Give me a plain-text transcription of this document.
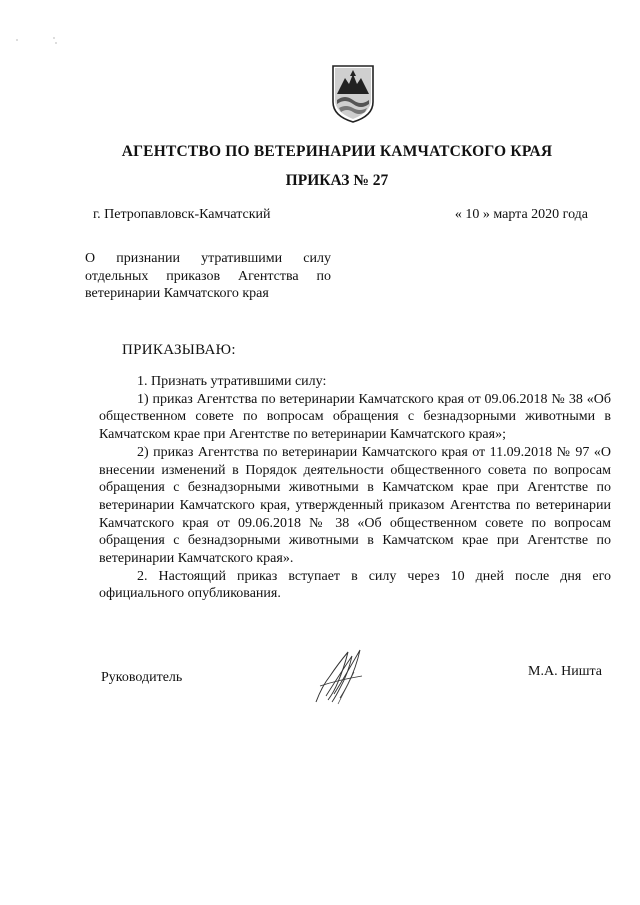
АГЕНТСТВО ПО ВЕТЕРИНАРИИ КАМЧАТСКОГО КРАЯ
ПРИКАЗ № 27
г. Петропавловск-Камчатский	« 10 » марта 2020 года
О признании утратившими силу отдельных приказов Агентства по ветеринарии Камчатского края
ПРИКАЗЫВАЮ:

1. Признать утратившими силу:

1) приказ Агентства по ветеринарии Камчатского края от 09.06.2018 № 38 «Об общественном совете по вопросам обращения с безнадзорными животными в Камчатском крае при Агентстве по ветеринарии Камчатского края»;

2) приказ Агентства по ветеринарии Камчатского края от 11.09.2018 № 97 «О внесении изменений в Порядок деятельности общественного совета по вопросам обращения с безнадзорными животными в Камчатском крае при Агентстве по ветеринарии Камчатского края, утвержденный приказом Агентства по ветеринарии Камчатского края от 09.06.2018 № 38 «Об общественном совете по вопросам обращения с безнадзорными животными в Камчатском крае при Агентстве по ветеринарии Камчатского края».

2. Настоящий приказ вступает в силу через 10 дней после дня его официального опубликования.

Руководитель	М.А. Ништа
